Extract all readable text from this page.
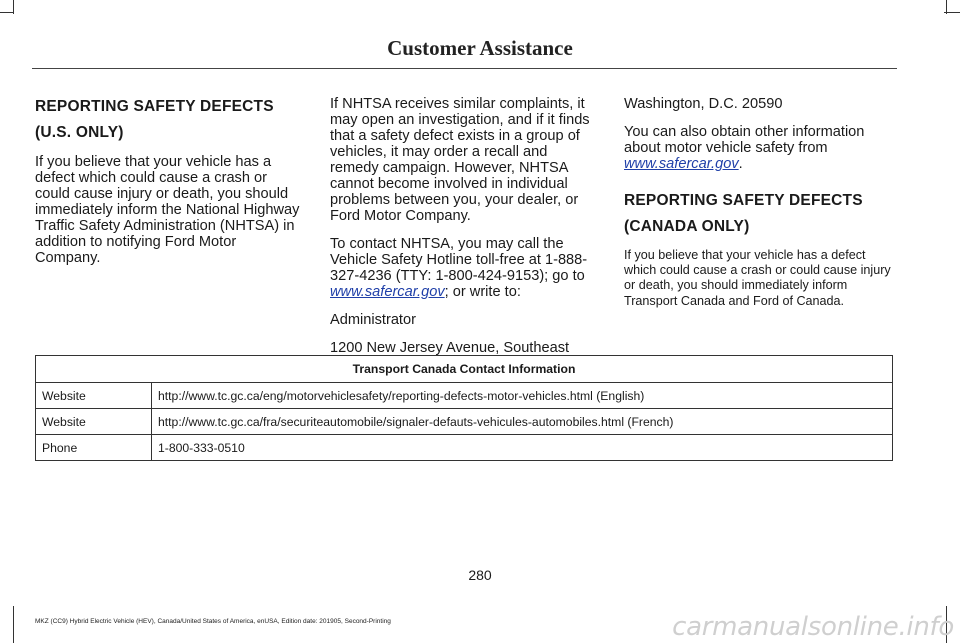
Customer Assistance
REPORTING SAFETY DEFECTS
(U.S. ONLY)

If you believe that your vehicle has a defect which could cause a crash or could cause injury or death, you should immediately inform the National Highway Traffic Safety Administration (NHTSA) in addition to notifying Ford Motor Company.

If NHTSA receives similar complaints, it may open an investigation, and if it finds that a safety defect exists in a group of vehicles, it may order a recall and remedy campaign. However, NHTSA cannot become involved in individual problems between you, your dealer, or Ford Motor Company.

To contact NHTSA, you may call the Vehicle Safety Hotline toll-free at 1-888-327-4236 (TTY: 1-800-424-9153); go to www.safercar.gov; or write to:

Administrator

1200 New Jersey Avenue, Southeast

Washington, D.C. 20590

You can also obtain other information about motor vehicle safety from www.safercar.gov.

REPORTING SAFETY DEFECTS
(CANADA ONLY)

If you believe that your vehicle has a defect which could cause a crash or could cause injury or death, you should immediately inform Transport Canada and Ford of Canada.

Transport Canada Contact Information	
Website	http://www.tc.gc.ca/eng/motorvehiclesafety/reporting-defects-motor-vehicles.html (English)
Website	http://www.tc.gc.ca/fra/securiteautomobile/signaler-defauts-vehicules-automobiles.html (French)
Phone	1-800-333-0510
280
MKZ (CC9) Hybrid Electric Vehicle (HEV), Canada/United States of America, enUSA, Edition date: 201905, Second-Printing	carmanualsonline.info
